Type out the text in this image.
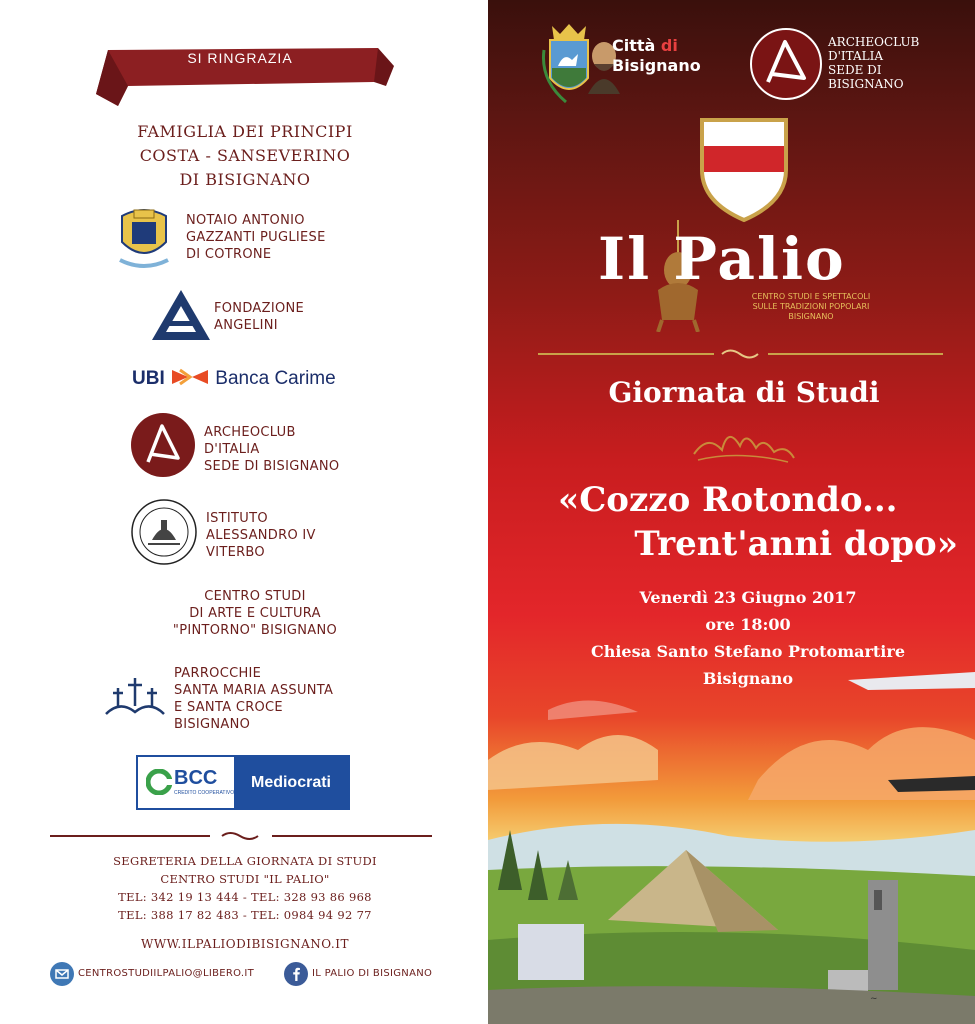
SI RINGRAZIA
FAMIGLIA DEI PRINCIPI
COSTA - SANSEVERINO
DI BISIGNANO
NOTAIO ANTONIO
GAZZANTI PUGLIESE
DI COTRONE
FONDAZIONE
ANGELINI
UBI	Banca Carime
ARCHEOCLUB
D'ITALIA
SEDE DI BISIGNANO
ISTITUTO
ALESSANDRO IV
VITERBO
CENTRO STUDI
DI ARTE E CULTURA
"PINTORNO" BISIGNANO
PARROCCHIE
SANTA MARIA ASSUNTA
E SANTA CROCE
BISIGNANO
BCC
CREDITO COOPERATIVO
Mediocrati
SEGRETERIA DELLA GIORNATA DI STUDI
CENTRO STUDI "IL PALIO"
TEL: 342 19 13 444 - TEL: 328 93 86 968
TEL: 388 17 82 483 - TEL: 0984 94 92 77
WWW.ILPALIODIBISIGNANO.IT
CENTROSTUDIILPALIO@LIBERO.IT	IL PALIO DI BISIGNANO
~
Città di
Bisignano
ARCHEOCLUB
D'ITALIA
SEDE DI
BISIGNANO
Il Palio
CENTRO STUDI E SPETTACOLI
SULLE TRADIZIONI POPOLARI
BISIGNANO
Giornata di Studi
«Cozzo Rotondo...
Trent'anni dopo»
Venerdì 23 Giugno 2017
ore 18:00
Chiesa Santo Stefano Protomartire
Bisignano
